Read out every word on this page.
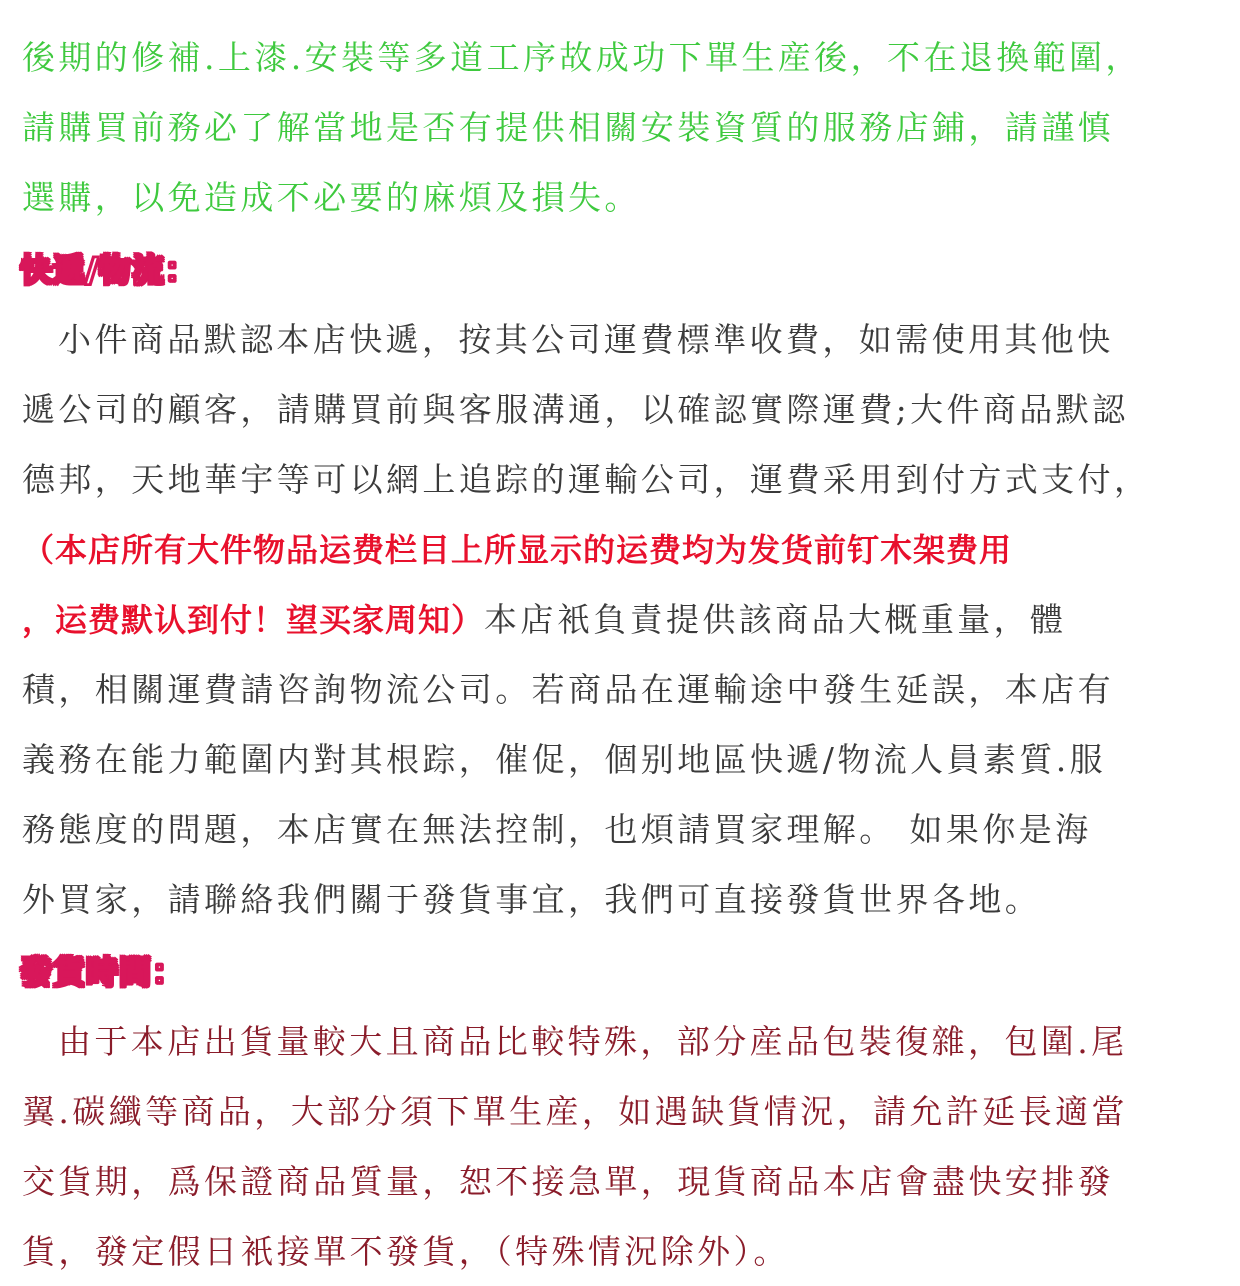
後期的修補.上漆.安裝等多道工序故成功下單生産後，不在退換範圍，
請購買前務必了解當地是否有提供相關安裝資質的服務店鋪，請謹慎
選購，以免造成不必要的麻煩及損失。
快遞/物流：
小件商品默認本店快遞，按其公司運費標準收費，如需使用其他快
遞公司的顧客，請購買前與客服溝通，以確認實際運費;大件商品默認
德邦，天地華宇等可以網上追踪的運輸公司，運費采用到付方式支付，
（本店所有大件物品运费栏目上所显示的运费均为发货前钉木架费用
，运费默认到付！望买家周知）本店衹負責提供該商品大概重量，體
積，相關運費請咨詢物流公司。若商品在運輸途中發生延誤，本店有
義務在能力範圍内對其根踪，催促，個别地區快遞/物流人員素質.服
務態度的問題，本店實在無法控制，也煩請買家理解。 如果你是海
外買家，請聯絡我們關于發貨事宜，我們可直接發貨世界各地。
發貨時間：
由于本店出貨量較大且商品比較特殊，部分産品包裝復雜，包圍.尾
翼.碳纖等商品，大部分須下單生産，如遇缺貨情況，請允許延長適當
交貨期，爲保證商品質量，恕不接急單，現貨商品本店會盡快安排發
貨，發定假日衹接單不發貨，（特殊情況除外）。
